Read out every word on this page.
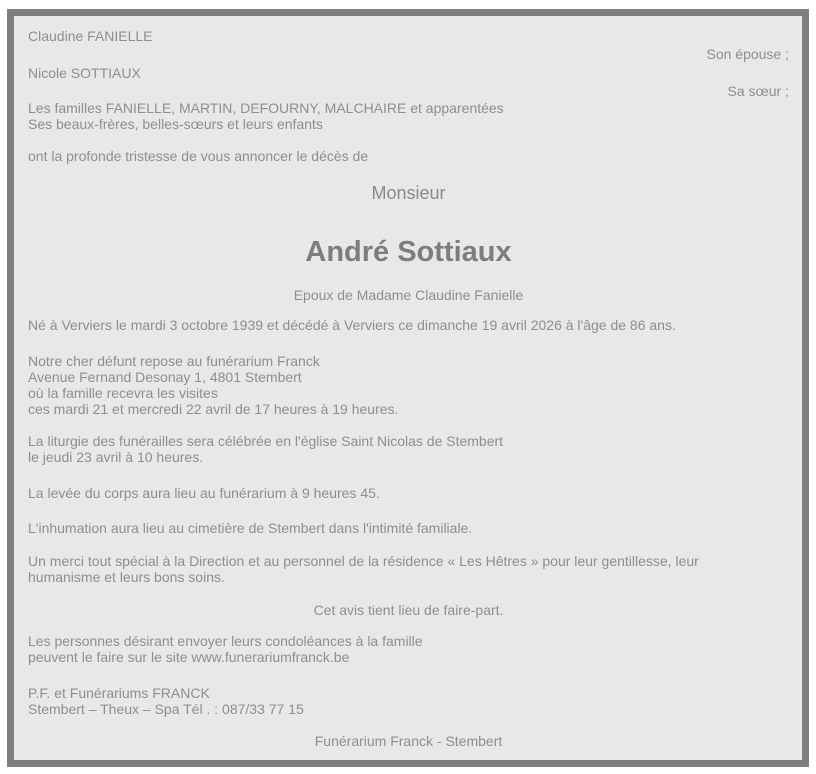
Claudine FANIELLE
Son épouse ;
Nicole SOTTIAUX
Sa sœur ;
Les familles FANIELLE, MARTIN, DEFOURNY, MALCHAIRE et apparentées
Ses beaux-frères, belles-sœurs et leurs enfants
ont la profonde tristesse de vous annoncer le décès de
Monsieur
André Sottiaux
Epoux de Madame Claudine Fanielle
Né à Verviers le mardi 3 octobre 1939 et décédé à Verviers ce dimanche 19 avril 2026 à l'âge de 86 ans.
Notre cher défunt repose au funérarium Franck
Avenue Fernand Desonay 1, 4801 Stembert
où la famille recevra les visites
ces mardi 21 et mercredi 22 avril de 17 heures à 19 heures.
La liturgie des funérailles sera célébrée en l'église Saint Nicolas de Stembert
le jeudi 23 avril à 10 heures.
La levée du corps aura lieu au funérarium à 9 heures 45.
L'inhumation aura lieu au cimetière de Stembert dans l'intimité familiale.
Un merci tout spécial à la Direction et au personnel de la résidence « Les Hêtres » pour leur gentillesse, leur
humanisme et leurs bons soins.
Cet avis tient lieu de faire-part.
Les personnes désirant envoyer leurs condoléances à la famille
peuvent le faire sur le site www.funerariumfranck.be
P.F. et Funérariums FRANCK
Stembert – Theux – Spa Tél . : 087/33 77 15
Funérarium Franck - Stembert
